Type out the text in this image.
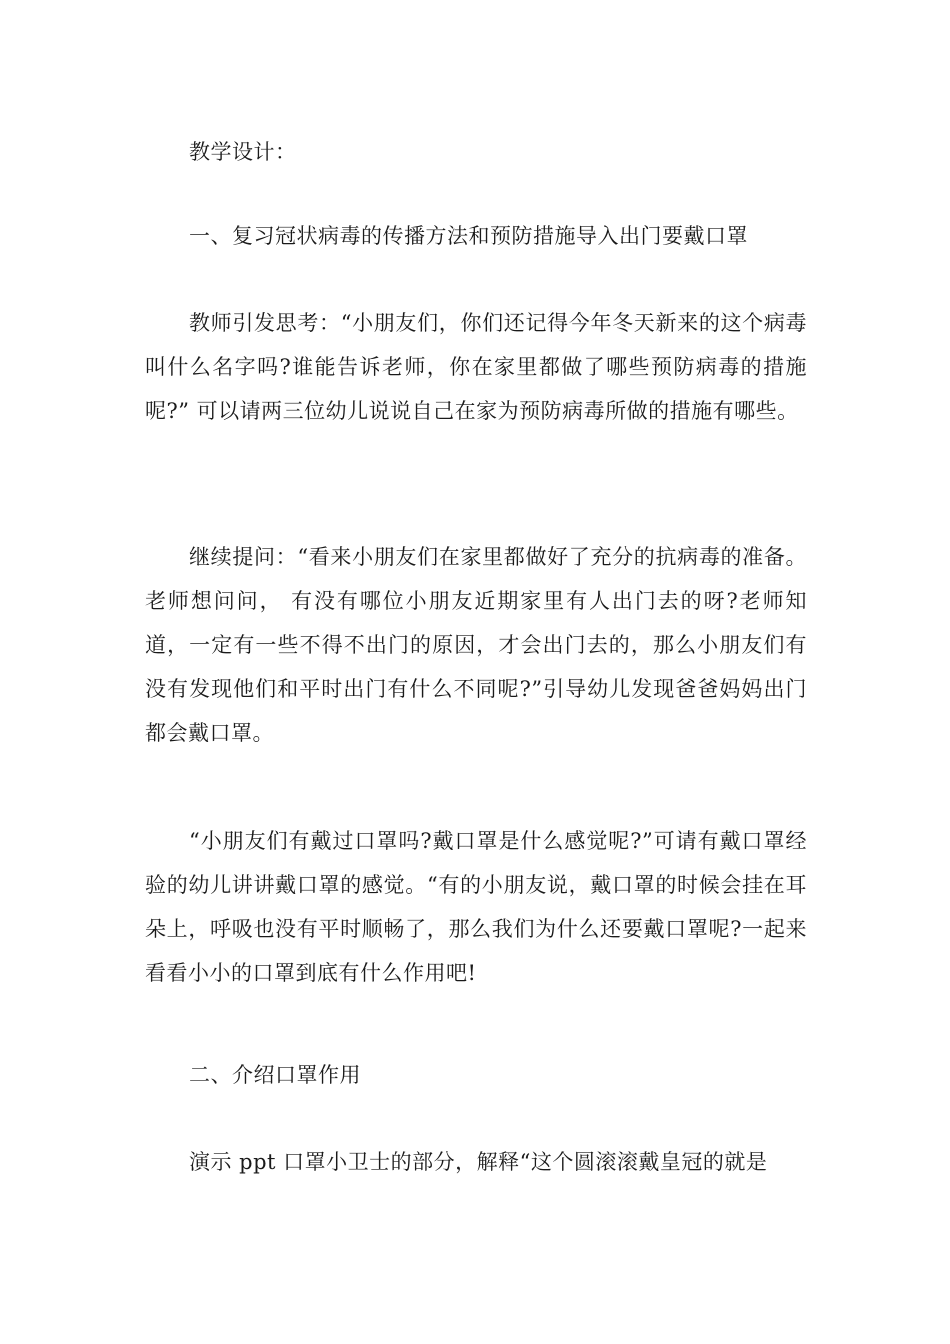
教学设计：
一、复习冠状病毒的传播方法和预防措施导入出门要戴口罩
教师引发思考：“小朋友们，你们还记得今年冬天新来的这个病毒叫什么名字吗?谁能告诉老师，你在家里都做了哪些预防病毒的措施呢?” 可以请两三位幼儿说说自己在家为预防病毒所做的措施有哪些。
继续提问：“看来小朋友们在家里都做好了充分的抗病毒的准备。老师想问问， 有没有哪位小朋友近期家里有人出门去的呀?老师知道，一定有一些不得不出门的原因，才会出门去的，那么小朋友们有没有发现他们和平时出门有什么不同呢?”引导幼儿发现爸爸妈妈出门都会戴口罩。
“小朋友们有戴过口罩吗?戴口罩是什么感觉呢?”可请有戴口罩经验的幼儿讲讲戴口罩的感觉。“有的小朋友说，戴口罩的时候会挂在耳朵上，呼吸也没有平时顺畅了，那么我们为什么还要戴口罩呢?一起来看看小小的口罩到底有什么作用吧!
二、介绍口罩作用
演示 ppt 口罩小卫士的部分，解释“这个圆滚滚戴皇冠的就是
